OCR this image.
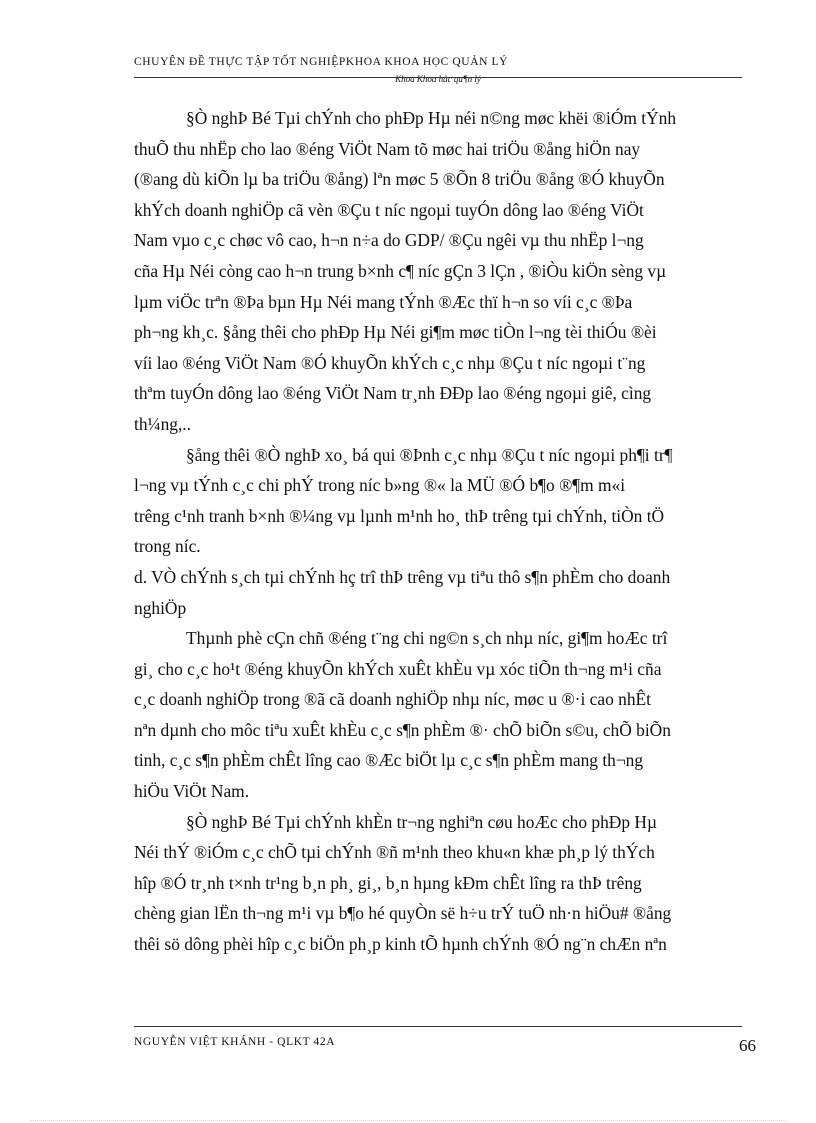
CHUYÊN ĐỀ THỰC TẬP TỐT NGHIỆPKHOA KHOA HỌC QUẢN LÝ
Khoa Khoa häc qu¶n lý
§Ò nghÞ Bé Tµi chÝnh cho phÐp Hµ néi n©ng møc khëi ®iÓm tÝnh
thuÕ thu nhËp cho lao ®éng ViÖt Nam tõ møc hai triÖu ®ång hiÖn nay
(®ang dù kiÕn lµ ba triÖu ®ång) lªn møc 5 ®Õn 8 triÖu ®ång ®Ó khuyÕn
khÝch doanh nghiÖp cã vèn ®Çu t níc ngoµi tuyÓn dông lao ®éng ViÖt
Nam vµo c¸c chøc vô cao, h¬n n÷a do GDP/ ®Çu ngêi vµ thu nhËp l¬ng
cña Hµ Néi còng cao h¬n trung b×nh c¶ níc gÇn 3 lÇn , ®iÒu kiÖn sèng vµ
lµm viÖc trªn ®Þa bµn Hµ Néi mang tÝnh ®Æc thï h¬n so víi c¸c ®Þa
ph¬ng kh¸c. §ång thêi cho phÐp Hµ Néi gi¶m møc tiÒn l¬ng tèi thiÓu ®èi
víi lao ®éng ViÖt Nam ®Ó khuyÕn khÝch c¸c nhµ ®Çu t níc ngoµi t¨ng
thªm tuyÓn dông lao ®éng ViÖt Nam tr¸nh ĐÐp lao ®éng ngoµi giê, cìng
th¼ng,..
§ång thêi ®Ò nghÞ xo¸ bá qui ®Þnh c¸c nhµ ®Çu t níc ngoµi ph¶i tr¶
l¬ng vµ tÝnh c¸c chi phÝ trong níc b»ng ®« la MÜ ®Ó b¶o ®¶m m«i
trêng c¹nh tranh b×nh ®¼ng vµ lµnh m¹nh ho¸ thÞ trêng tµi chÝnh, tiÒn tÖ
trong níc.
d. VÒ chÝnh s¸ch tµi chÝnh hç trî thÞ trêng vµ tiªu thô s¶n phÈm cho doanh
nghiÖp
Thµnh phè cÇn chñ ®éng t¨ng chi ng©n s¸ch nhµ níc, gi¶m hoÆc trî
gi¸ cho c¸c ho¹t ®éng khuyÕn khÝch xuÊt khÈu vµ xóc tiÕn th¬ng m¹i cña
c¸c doanh nghiÖp trong ®ã cã doanh nghiÖp nhµ níc, møc u ®·i cao nhÊt
nªn dµnh cho môc tiªu xuÊt khÈu c¸c s¶n phÈm ®· chÕ biÕn s©u, chÕ biÕn
tinh, c¸c s¶n phÈm chÊt lîng cao ®Æc biÖt lµ c¸c s¶n phÈm mang th¬ng
hiÖu ViÖt Nam.
§Ò nghÞ Bé Tµi chÝnh khÈn tr¬ng nghiªn cøu hoÆc cho phÐp Hµ
Néi thÝ ®iÓm c¸c chÕ tµi chÝnh ®ñ m¹nh theo khu«n khæ ph¸p lý thÝch
hîp ®Ó tr¸nh t×nh tr¹ng b¸n ph¸ gi¸, b¸n hµng kÐm chÊt lîng ra thÞ trêng
chèng gian lËn th¬ng m¹i vµ b¶o hé quyÒn së h÷u trÝ tuÖ nh·n hiÖu# ®ång
thêi sö dông phèi hîp c¸c biÖn ph¸p kinh tÕ hµnh chÝnh ®Ó ng¨n chÆn nªn
NGUYỄN VIỆT KHÁNH - QLKT 42A	66
